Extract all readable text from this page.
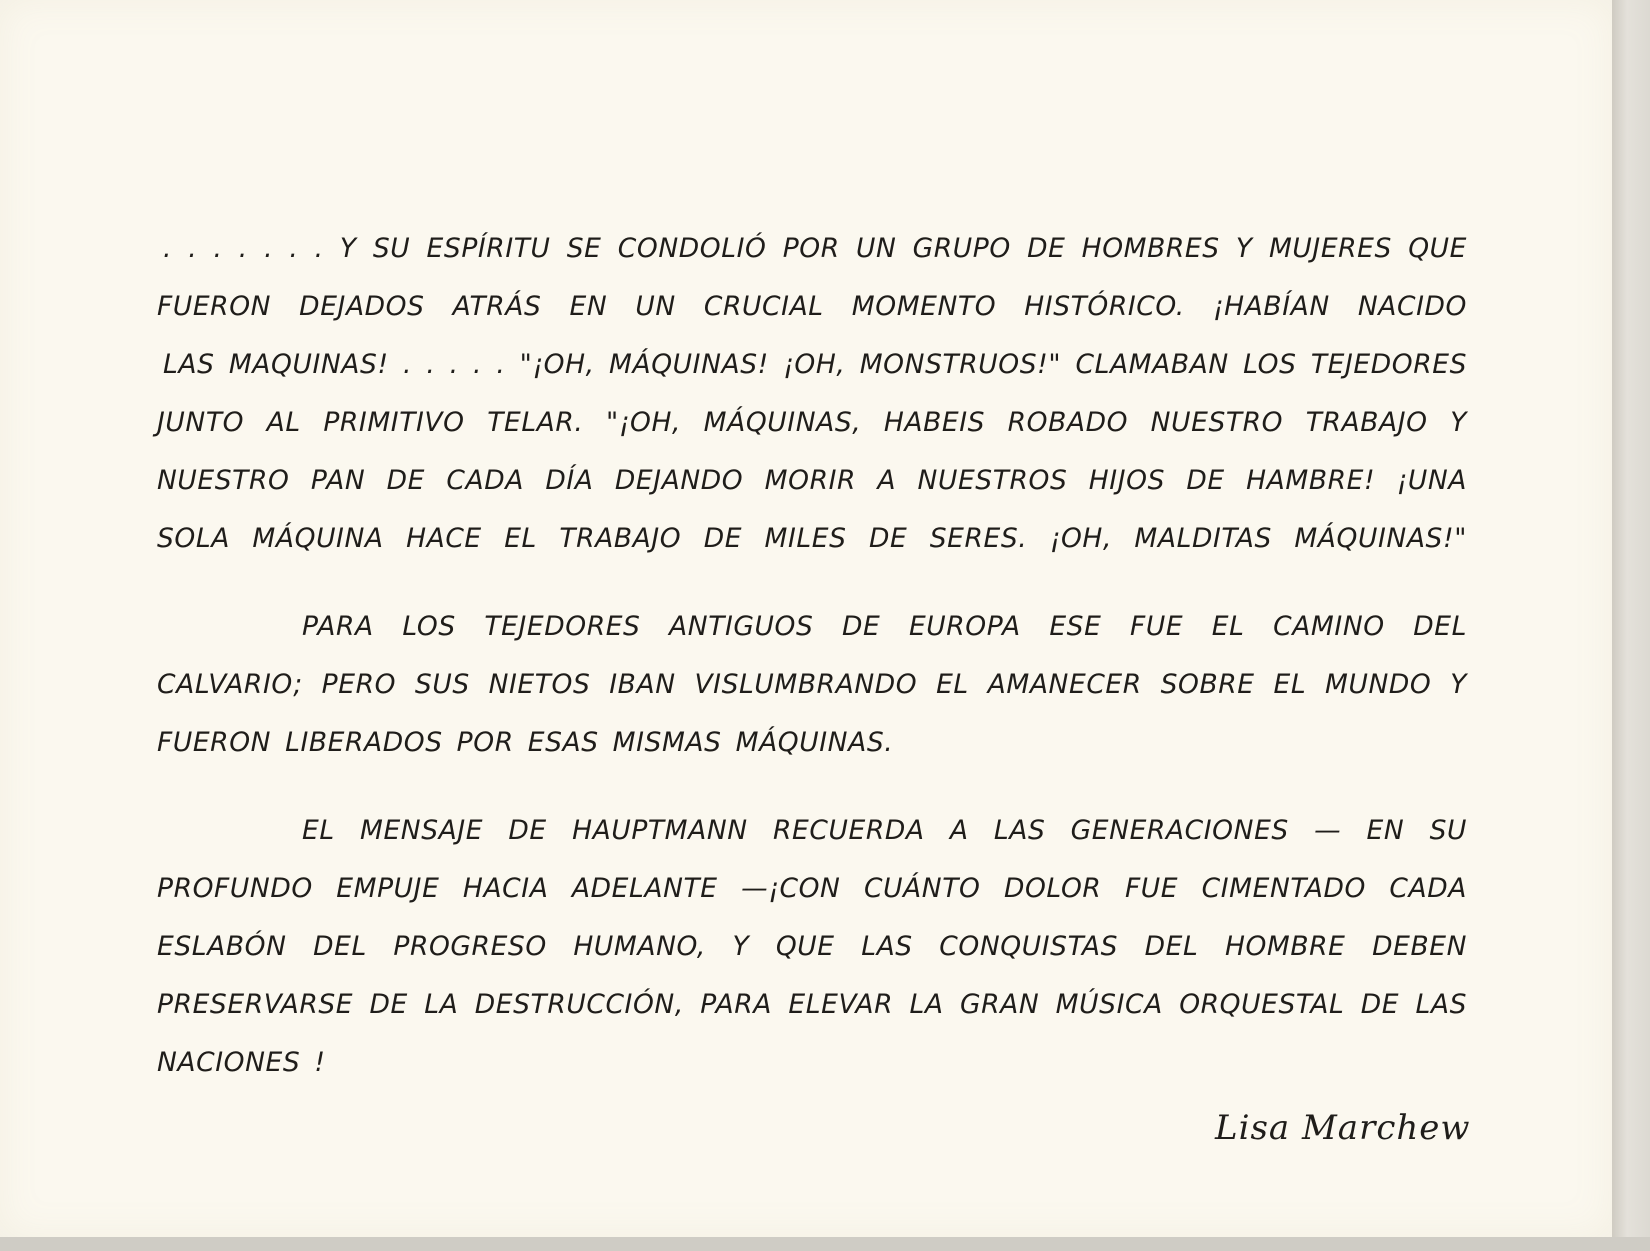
. . . . . . . Y SU ESPÍRITU SE CONDOLIÓ POR UN GRUPO DE HOMBRES Y MUJERES QUE
FUERON DEJADOS ATRÁS EN UN CRUCIAL MOMENTO HISTÓRICO. ¡HABÍAN NACIDO
LAS MAQUINAS! . . . . . "¡OH, MÁQUINAS! ¡OH, MONSTRUOS!" CLAMABAN LOS TEJEDORES
JUNTO AL PRIMITIVO TELAR. "¡OH, MÁQUINAS, HABEIS ROBADO NUESTRO TRABAJO Y
NUESTRO PAN DE CADA DÍA DEJANDO MORIR A NUESTROS HIJOS DE HAMBRE! ¡UNA
SOLA MÁQUINA HACE EL TRABAJO DE MILES DE SERES. ¡OH, MALDITAS MÁQUINAS!"
PARA LOS TEJEDORES ANTIGUOS DE EUROPA ESE FUE EL CAMINO DEL
CALVARIO; PERO SUS NIETOS IBAN VISLUMBRANDO EL AMANECER SOBRE EL MUNDO Y
FUERON LIBERADOS POR ESAS MISMAS MÁQUINAS.
EL MENSAJE DE HAUPTMANN RECUERDA A LAS GENERACIONES — EN SU
PROFUNDO EMPUJE HACIA ADELANTE —¡CON CUÁNTO DOLOR FUE CIMENTADO CADA
ESLABÓN DEL PROGRESO HUMANO, Y QUE LAS CONQUISTAS DEL HOMBRE DEBEN
PRESERVARSE DE LA DESTRUCCIÓN, PARA ELEVAR LA GRAN MÚSICA ORQUESTAL DE LAS
NACIONES !
Lisa Marchew
